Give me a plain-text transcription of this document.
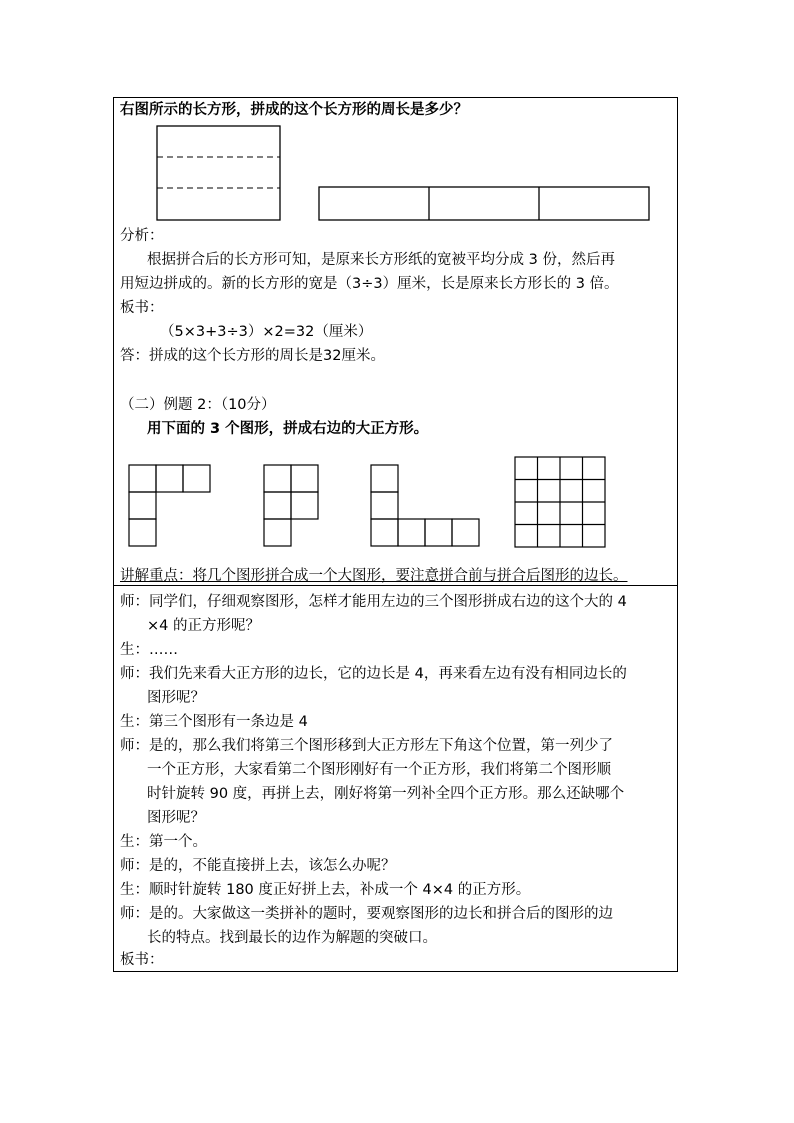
右图所示的长方形，拼成的这个长方形的周长是多少？
分析：
根据拼合后的长方形可知，是原来长方形纸的宽被平均分成 3 份，然后再
用短边拼成的。新的长方形的宽是（3÷3）厘米，长是原来长方形长的 3 倍。
板书：
（5×3+3÷3）×2=32（厘米）
答：拼成的这个长方形的周长是32厘米。
（二）例题 2：（10分）
用下面的 3 个图形，拼成右边的大正方形。
讲解重点：将几个图形拼合成一个大图形，要注意拼合前与拼合后图形的边长。
师：同学们，仔细观察图形，怎样才能用左边的三个图形拼成右边的这个大的 4
×4 的正方形呢？
生：……
师：我们先来看大正方形的边长，它的边长是 4，再来看左边有没有相同边长的
图形呢？
生：第三个图形有一条边是 4
师：是的，那么我们将第三个图形移到大正方形左下角这个位置，第一列少了
一个正方形，大家看第二个图形刚好有一个正方形，我们将第二个图形顺
时针旋转 90 度，再拼上去，刚好将第一列补全四个正方形。那么还缺哪个
图形呢？
生：第一个。
师：是的，不能直接拼上去，该怎么办呢？
生：顺时针旋转 180 度正好拼上去，补成一个 4×4 的正方形。
师：是的。大家做这一类拼补的题时，要观察图形的边长和拼合后的图形的边
长的特点。找到最长的边作为解题的突破口。
板书：
